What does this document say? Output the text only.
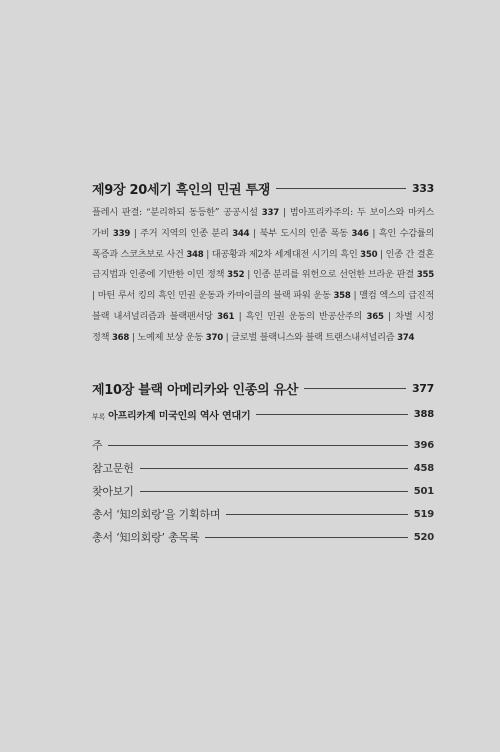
제9장 20세기 흑인의 민권 투쟁	333
플레시 판결: “분리하되 동등한” 공공시설 337 | 범아프리카주의: 두 보이스와 마커스 가비 339 | 주거 지역의 인종 분리 344 | 북부 도시의 인종 폭동 346 | 흑인 수감률의 폭증과 스코츠보로 사건 348 | 대공황과 제2차 세계대전 시기의 흑인 350 | 인종 간 결혼 금지법과 인종에 기반한 이민 정책 352 | 인종 분리를 위헌으로 선언한 브라운 판결 355 | 마틴 루서 킹의 흑인 민권 운동과 카마이클의 블랙 파워 운동 358 | 맬컴 엑스의 급진적 블랙 내셔널리즘과 블랙팬서당 361 | 흑인 민권 운동의 반공산주의 365 | 차별 시정 정책 368 | 노예제 보상 운동 370 | 글로벌 블랙니스와 블랙 트랜스내셔널리즘 374
제10장 블랙 아메리카와 인종의 유산	377
부록 아프리카계 미국인의 역사 연대기	388
주	396
참고문헌	458
찾아보기	501
총서 ‘知의회랑’을 기획하며	519
총서 ‘知의회랑’ 총목록	520
